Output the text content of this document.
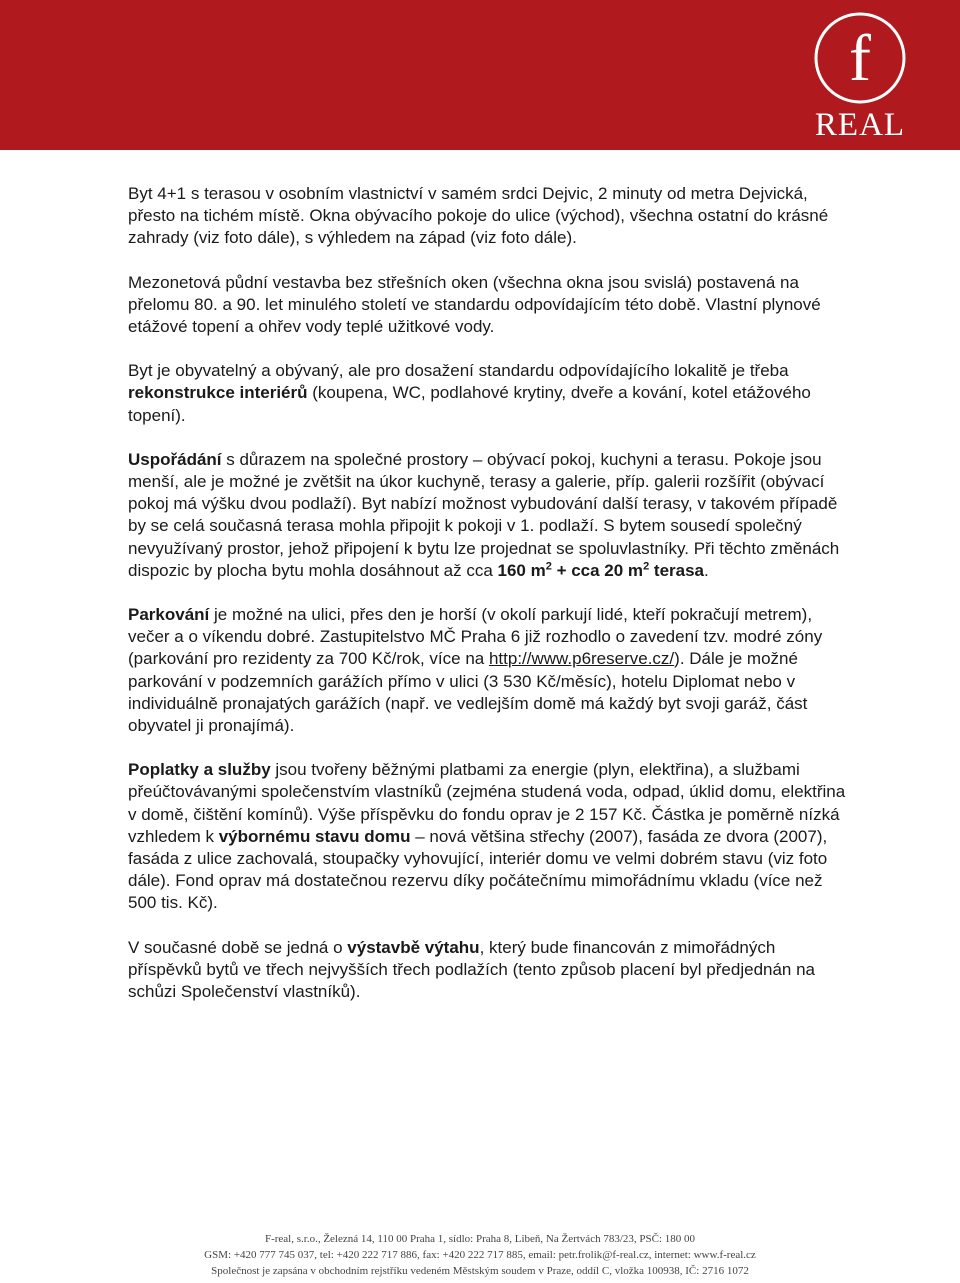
f
REAL

Byt 4+1 s terasou v osobním vlastnictví v samém srdci Dejvic, 2 minuty od metra Dejvická, přesto na tichém místě. Okna obývacího pokoje do ulice (východ), všechna ostatní do krásné zahrady (viz foto dále), s výhledem na západ (viz foto dále).

Mezonetová půdní vestavba bez střešních oken (všechna okna jsou svislá) postavená na přelomu 80. a 90. let minulého století ve standardu odpovídajícím této době. Vlastní plynové etážové topení a ohřev vody teplé užitkové vody.

Byt je obyvatelný a obývaný, ale pro dosažení standardu odpovídajícího lokalitě je třeba rekonstrukce interiérů (koupena, WC, podlahové krytiny, dveře a kování, kotel etážového topení).

Uspořádání s důrazem na společné prostory – obývací pokoj, kuchyni a terasu. Pokoje jsou menší, ale je možné je zvětšit na úkor kuchyně, terasy a galerie, příp. galerii rozšířit (obývací pokoj má výšku dvou podlaží). Byt nabízí možnost vybudování další terasy, v takovém případě by se celá současná terasa mohla připojit k pokoji v 1. podlaží. S bytem sousedí společný nevyužívaný prostor, jehož připojení k bytu lze projednat se spoluvlastníky. Při těchto změnách dispozic by plocha bytu mohla dosáhnout až cca 160 $m^2$ + cca 20 $m^2$ terasa.

Parkování je možné na ulici, přes den je horší (v okolí parkují lidé, kteří pokračují metrem), večer a o víkendu dobré. Zastupitelstvo MČ Praha 6 již rozhodlo o zavedení tzv. modré zóny (parkování pro rezidenty za 700 Kč/rok, více na http://www.p6reserve.cz/). Dále je možné parkování v podzemních garážích přímo v ulici (3 530 Kč/měsíc), hotelu Diplomat nebo v individuálně pronajatých garážích (např. ve vedlejším domě má každý byt svoji garáž, část obyvatel ji pronajímá).

Poplatky a služby jsou tvořeny běžnými platbami za energie (plyn, elektřina), a službami přeúčtovávanými společenstvím vlastníků (zejména studená voda, odpad, úklid domu, elektřina v domě, čištění komínů). Výše příspěvku do fondu oprav je 2 157 Kč. Částka je poměrně nízká vzhledem k výbornému stavu domu – nová většina střechy (2007), fasáda ze dvora (2007), fasáda z ulice zachovalá, stoupačky vyhovující, interiér domu ve velmi dobrém stavu (viz foto dále). Fond oprav má dostatečnou rezervu díky počátečnímu mimořádnímu vkladu (více než 500 tis. Kč).

V současné době se jedná o výstavbě výtahu, který bude financován z mimořádných příspěvků bytů ve třech nejvyšších třech podlažích (tento způsob placení byl předjednán na schůzi Společenství vlastníků).

F-real, s.r.o., Železná 14, 110 00 Praha 1, sídlo: Praha 8, Libeň, Na Žertvách 783/23, PSČ: 180 00
GSM: +420 777 745 037, tel: +420 222 717 886, fax: +420 222 717 885, email: petr.frolik@f-real.cz, internet: www.f-real.cz
Společnost je zapsána v obchodním rejstříku vedeném Městským soudem v Praze, oddíl C, vložka 100938, IČ: 2716 1072
